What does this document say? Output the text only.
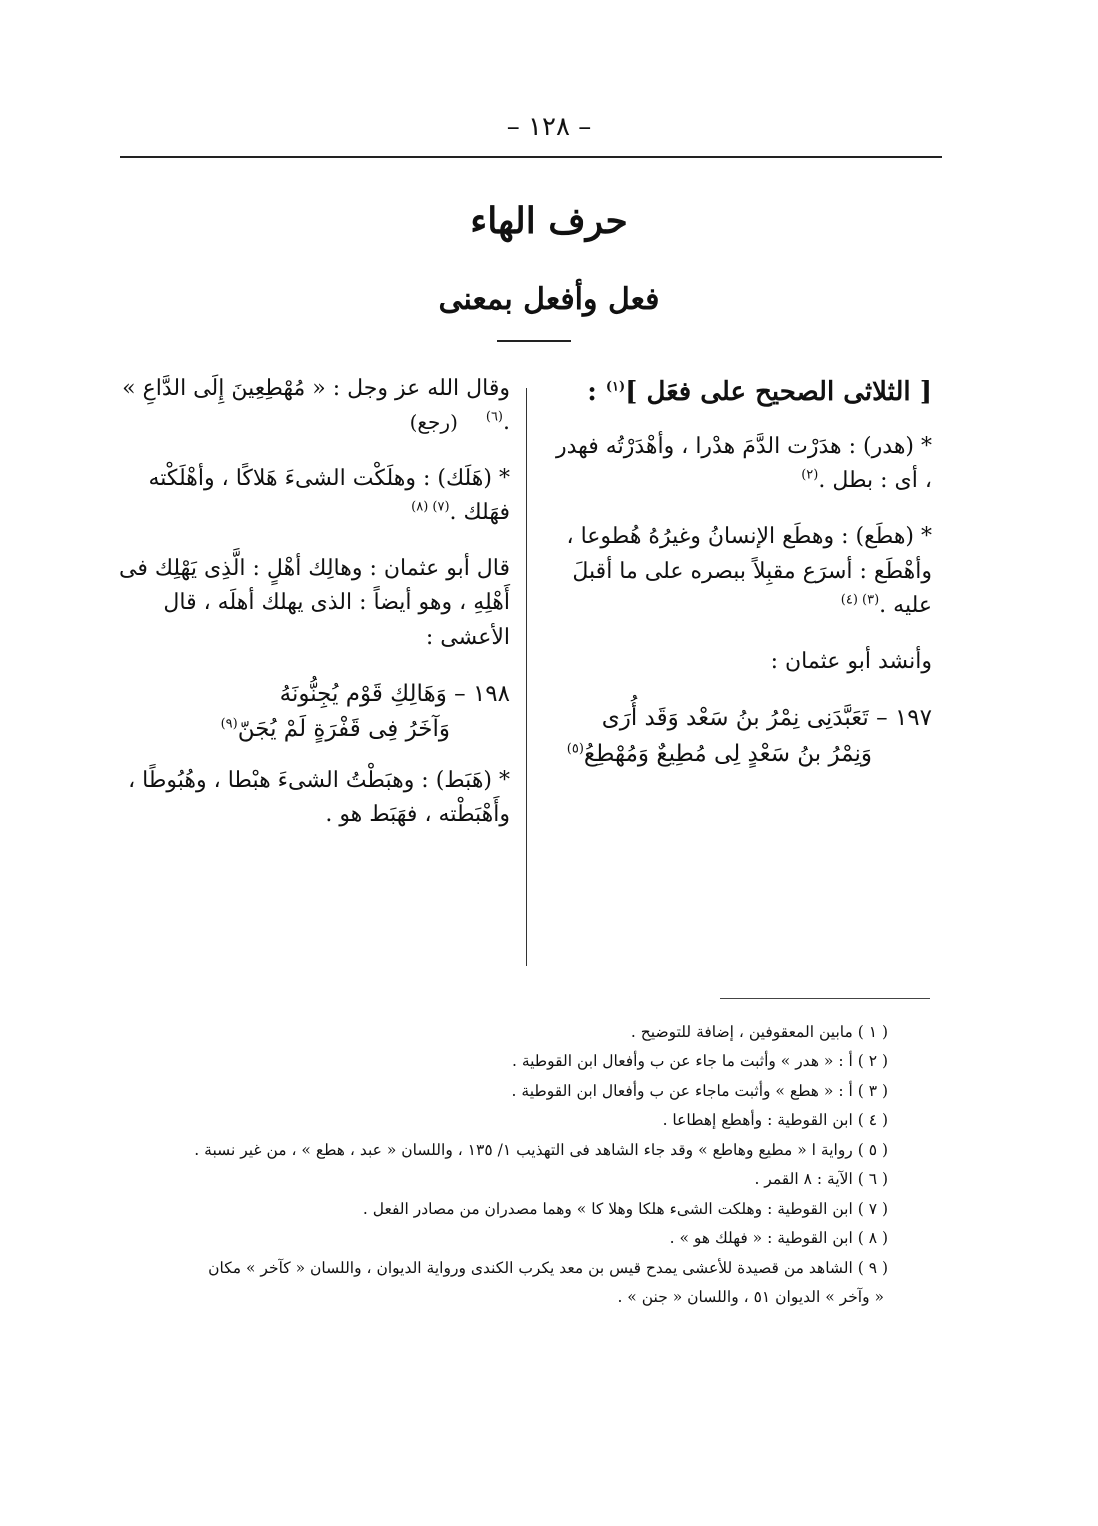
– ١٢٨ –
حرف الهاء
فعل وأفعل بمعنى
[ الثلاثى الصحيح على فعَل ]$^{(١)}$ :

* (هدر) : هدَرْت الدَّمَ هدْرا ، وأهْدَرْتُه فهدر ، أى : بطل .$^{(٢)}$

* (هطَع) : وهطَع الإنسانُ وغيرُهُ هُطوعا ، وأهْطَع : أسرَع مقبِلاً ببصره على ما أقبلَ عليه .$^{(٣) (٤)}$

وأنشد أبو عثمان :

١٩٧ – تَعَبَّدَنِى نِمْرُ بنُ سَعْد وَقَد أُرَى
وَنِمْرُ بنُ سَعْدٍ لِى مُطِيعٌ وَمُهْطِعُ$^{(٥)}$

وقال الله عز وجل : « مُهْطِعِينَ إِلَى الدَّاعِ » .$^{(٦)}$    (رجع)

* (هَلَك) : وهلَكْت الشىءَ هَلاكًا ، وأهْلَكْته فهَلك .$^{(٧) (٨)}$

قال أبو عثمان : وهالِك أهْلٍ : الَّذِى يَهْلِك فى أَهْلِهِ ، وهو أيضاً : الذى يهلك أهلَه ، قال الأعشى :

١٩٨ – وَهَالِكِ قَوْم يُجِنُّونَهُ
وَآخَرُ فِى قَفْرَةٍ لَمْ يُجَنّ$^{(٩)}$

* (هَبَط) : وهبَطْتُ الشىءَ هبْطا ، وهُبُوطًا ، وأَهْبَطْته ، فهَبَط هو .

( ١ ) مابين المعقوفين ، إضافة للتوضيح .
( ٢ ) أ : « هدر » وأثبت ما جاء عن ب وأفعال ابن القوطية .
( ٣ ) أ : « هطع » وأثبت ماجاء عن ب وأفعال ابن القوطية .
( ٤ ) ابن القوطية : وأهطع إهطاعا .
( ٥ ) رواية ا « مطيع وهاطع » وقد جاء الشاهد فى التهذيب ١/ ١٣٥ ، واللسان « عبد ، هطع » ، من غير نسبة .
( ٦ ) الآية : ٨ القمر .
( ٧ ) ابن القوطية : وهلكت الشىء هلكا وهلا كا » وهما مصدران من مصادر الفعل .
( ٨ ) ابن القوطية : « فهلك هو » .
( ٩ ) الشاهد من قصيدة للأعشى يمدح قيس بن معد يكرب الكندى ورواية الديوان ، واللسان « كآخر » مكان
« وآخر » الديوان ٥١ ، واللسان « جنن » .
